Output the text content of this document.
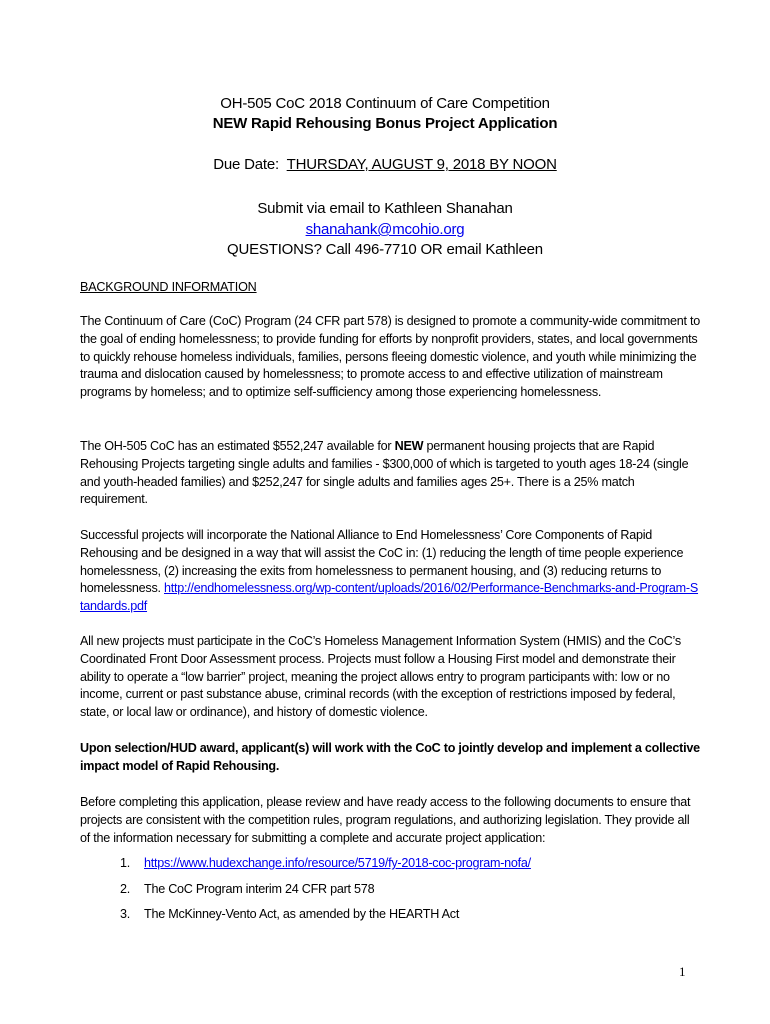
OH-505 CoC 2018 Continuum of Care Competition
NEW Rapid Rehousing Bonus Project Application
Due Date: THURSDAY, AUGUST 9, 2018 BY NOON
Submit via email to Kathleen Shanahan
shanahank@mcohio.org
QUESTIONS? Call 496-7710 OR email Kathleen
BACKGROUND INFORMATION

The Continuum of Care (CoC) Program (24 CFR part 578) is designed to promote a community-wide commitment to the goal of ending homelessness; to provide funding for efforts by nonprofit providers, states, and local governments to quickly rehouse homeless individuals, families, persons fleeing domestic violence, and youth while minimizing the trauma and dislocation caused by homelessness; to promote access to and effective utilization of mainstream programs by homeless; and to optimize self-sufficiency among those experiencing homelessness.

The OH-505 CoC has an estimated $552,247 available for NEW permanent housing projects that are Rapid Rehousing Projects targeting single adults and families - $300,000 of which is targeted to youth ages 18-24 (single and youth-headed families) and $252,247 for single adults and families ages 25+. There is a 25% match requirement.

Successful projects will incorporate the National Alliance to End Homelessness’ Core Components of Rapid Rehousing and be designed in a way that will assist the CoC in: (1) reducing the length of time people experience homelessness, (2) increasing the exits from homelessness to permanent housing, and (3) reducing returns to homelessness. http://endhomelessness.org/wp-content/uploads/2016/02/Performance-Benchmarks-and-Program-Standards.pdf

All new projects must participate in the CoC’s Homeless Management Information System (HMIS) and the CoC’s Coordinated Front Door Assessment process. Projects must follow a Housing First model and demonstrate their ability to operate a “low barrier” project, meaning the project allows entry to program participants with: low or no income, current or past substance abuse, criminal records (with the exception of restrictions imposed by federal, state, or local law or ordinance), and history of domestic violence.

Upon selection/HUD award, applicant(s) will work with the CoC to jointly develop and implement a collective impact model of Rapid Rehousing.

Before completing this application, please review and have ready access to the following documents to ensure that projects are consistent with the competition rules, program regulations, and authorizing legislation. They provide all of the information necessary for submitting a complete and accurate project application:

1.	https://www.hudexchange.info/resource/5719/fy-2018-coc-program-nofa/
2.	The CoC Program interim 24 CFR part 578
3.	The McKinney-Vento Act, as amended by the HEARTH Act
1
